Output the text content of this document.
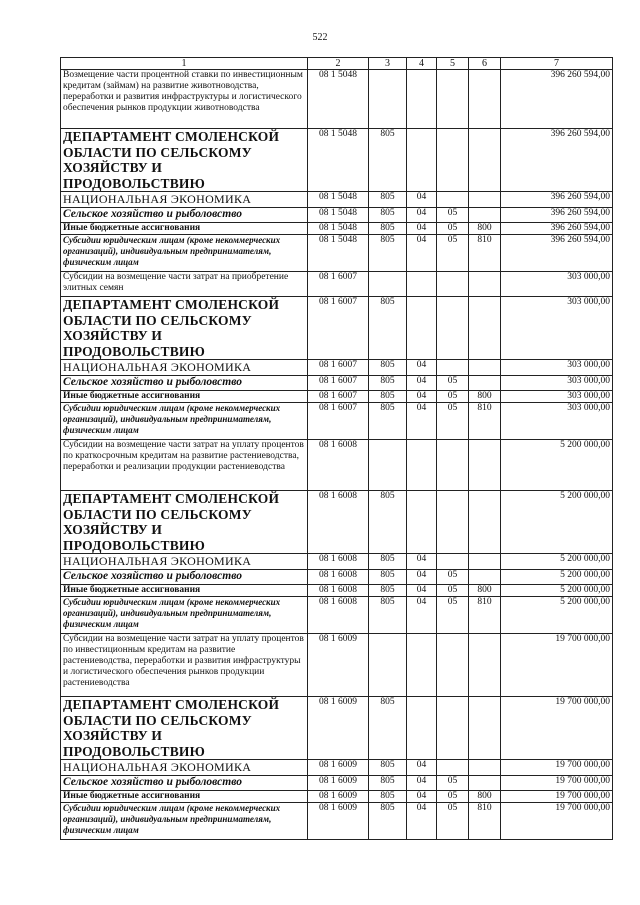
522
1	2	3	4	5	6	7
Возмещение части процентной ставки по инвестиционным кредитам (займам) на развитие животноводства, переработки и развития инфраструктуры и логистического обеспечения рынков продукции животноводства	08 1 5048					396 260 594,00
ДЕПАРТАМЕНТ СМОЛЕНСКОЙ ОБЛАСТИ ПО СЕЛЬСКОМУ ХОЗЯЙСТВУ И ПРОДОВОЛЬСТВИЮ	08 1 5048	805				396 260 594,00
НАЦИОНАЛЬНАЯ ЭКОНОМИКА	08 1 5048	805	04			396 260 594,00
Сельское хозяйство и рыболовство	08 1 5048	805	04	05		396 260 594,00
Иные бюджетные ассигнования	08 1 5048	805	04	05	800	396 260 594,00
Субсидии юридическим лицам (кроме некоммерческих организаций), индивидуальным предпринимателям, физическим лицам	08 1 5048	805	04	05	810	396 260 594,00
Субсидии на возмещение части затрат на приобретение элитных семян	08 1 6007					303 000,00
ДЕПАРТАМЕНТ СМОЛЕНСКОЙ ОБЛАСТИ ПО СЕЛЬСКОМУ ХОЗЯЙСТВУ И ПРОДОВОЛЬСТВИЮ	08 1 6007	805				303 000,00
НАЦИОНАЛЬНАЯ ЭКОНОМИКА	08 1 6007	805	04			303 000,00
Сельское хозяйство и рыболовство	08 1 6007	805	04	05		303 000,00
Иные бюджетные ассигнования	08 1 6007	805	04	05	800	303 000,00
Субсидии юридическим лицам (кроме некоммерческих организаций), индивидуальным предпринимателям, физическим лицам	08 1 6007	805	04	05	810	303 000,00
Субсидии на возмещение части затрат на уплату процентов по краткосрочным кредитам на развитие растениеводства, переработки и реализации продукции растениеводства	08 1 6008					5 200 000,00
ДЕПАРТАМЕНТ СМОЛЕНСКОЙ ОБЛАСТИ ПО СЕЛЬСКОМУ ХОЗЯЙСТВУ И ПРОДОВОЛЬСТВИЮ	08 1 6008	805				5 200 000,00
НАЦИОНАЛЬНАЯ ЭКОНОМИКА	08 1 6008	805	04			5 200 000,00
Сельское хозяйство и рыболовство	08 1 6008	805	04	05		5 200 000,00
Иные бюджетные ассигнования	08 1 6008	805	04	05	800	5 200 000,00
Субсидии юридическим лицам (кроме некоммерческих организаций), индивидуальным предпринимателям, физическим лицам	08 1 6008	805	04	05	810	5 200 000,00
Субсидии на возмещение части затрат на уплату процентов по инвестиционным кредитам на развитие растениеводства, переработки и развития инфраструктуры и логистического обеспечения рынков продукции растениеводства	08 1 6009					19 700 000,00
ДЕПАРТАМЕНТ СМОЛЕНСКОЙ ОБЛАСТИ ПО СЕЛЬСКОМУ ХОЗЯЙСТВУ И ПРОДОВОЛЬСТВИЮ	08 1 6009	805				19 700 000,00
НАЦИОНАЛЬНАЯ ЭКОНОМИКА	08 1 6009	805	04			19 700 000,00
Сельское хозяйство и рыболовство	08 1 6009	805	04	05		19 700 000,00
Иные бюджетные ассигнования	08 1 6009	805	04	05	800	19 700 000,00
Субсидии юридическим лицам (кроме некоммерческих организаций), индивидуальным предпринимателям, физическим лицам	08 1 6009	805	04	05	810	19 700 000,00
